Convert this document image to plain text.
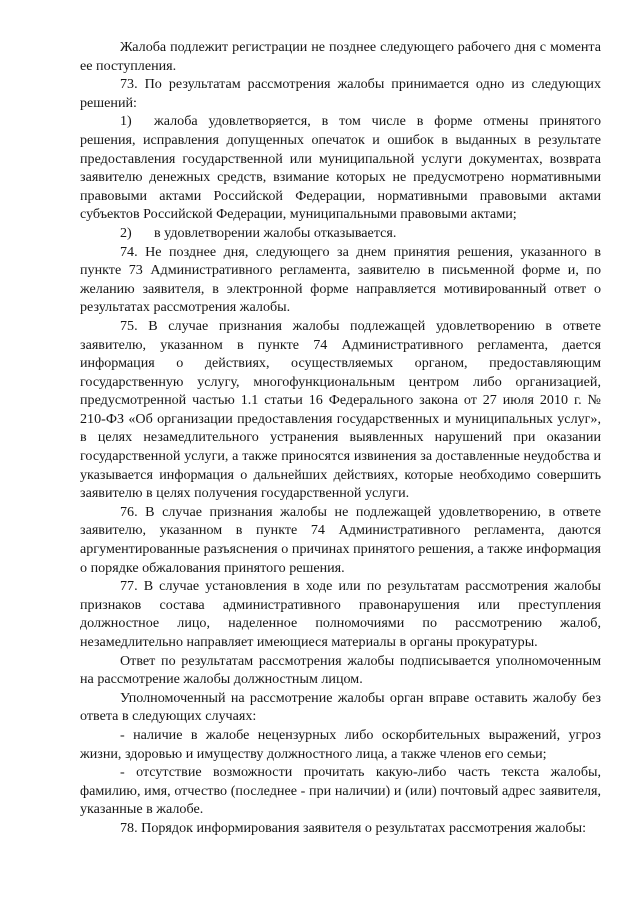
Жалоба подлежит регистрации не позднее следующего рабочего дня с момента ее поступления.

73. По результатам рассмотрения жалобы принимается одно из следующих решений:

1) жалоба удовлетворяется, в том числе в форме отмены принятого решения, исправления допущенных опечаток и ошибок в выданных в результате предоставления государственной или муниципальной услуги документах, возврата заявителю денежных средств, взимание которых не предусмотрено нормативными правовыми актами Российской Федерации, нормативными правовыми актами субъектов Российской Федерации, муниципальными правовыми актами;

2) в удовлетворении жалобы отказывается.

74. Не позднее дня, следующего за днем принятия решения, указанного в пункте 73 Административного регламента, заявителю в письменной форме и, по желанию заявителя, в электронной форме направляется мотивированный ответ о результатах рассмотрения жалобы.

75. В случае признания жалобы подлежащей удовлетворению в ответе заявителю, указанном в пункте 74 Административного регламента, дается информация о действиях, осуществляемых органом, предоставляющим государственную услугу, многофункциональным центром либо организацией, предусмотренной частью 1.1 статьи 16 Федерального закона от 27 июля 2010 г. № 210-ФЗ «Об организации предоставления государственных и муниципальных услуг», в целях незамедлительного устранения выявленных нарушений при оказании государственной услуги, а также приносятся извинения за доставленные неудобства и указывается информация о дальнейших действиях, которые необходимо совершить заявителю в целях получения государственной услуги.

76. В случае признания жалобы не подлежащей удовлетворению, в ответе заявителю, указанном в пункте 74 Административного регламента, даются аргументированные разъяснения о причинах принятого решения, а также информация о порядке обжалования принятого решения.

77. В случае установления в ходе или по результатам рассмотрения жалобы признаков состава административного правонарушения или преступления должностное лицо, наделенное полномочиями по рассмотрению жалоб, незамедлительно направляет имеющиеся материалы в органы прокуратуры.

Ответ по результатам рассмотрения жалобы подписывается уполномоченным на рассмотрение жалобы должностным лицом.

Уполномоченный на рассмотрение жалобы орган вправе оставить жалобу без ответа в следующих случаях:

- наличие в жалобе нецензурных либо оскорбительных выражений, угроз жизни, здоровью и имуществу должностного лица, а также членов его семьи;

- отсутствие возможности прочитать какую-либо часть текста жалобы, фамилию, имя, отчество (последнее - при наличии) и (или) почтовый адрес заявителя, указанные в жалобе.

78. Порядок информирования заявителя о результатах рассмотрения жалобы:
